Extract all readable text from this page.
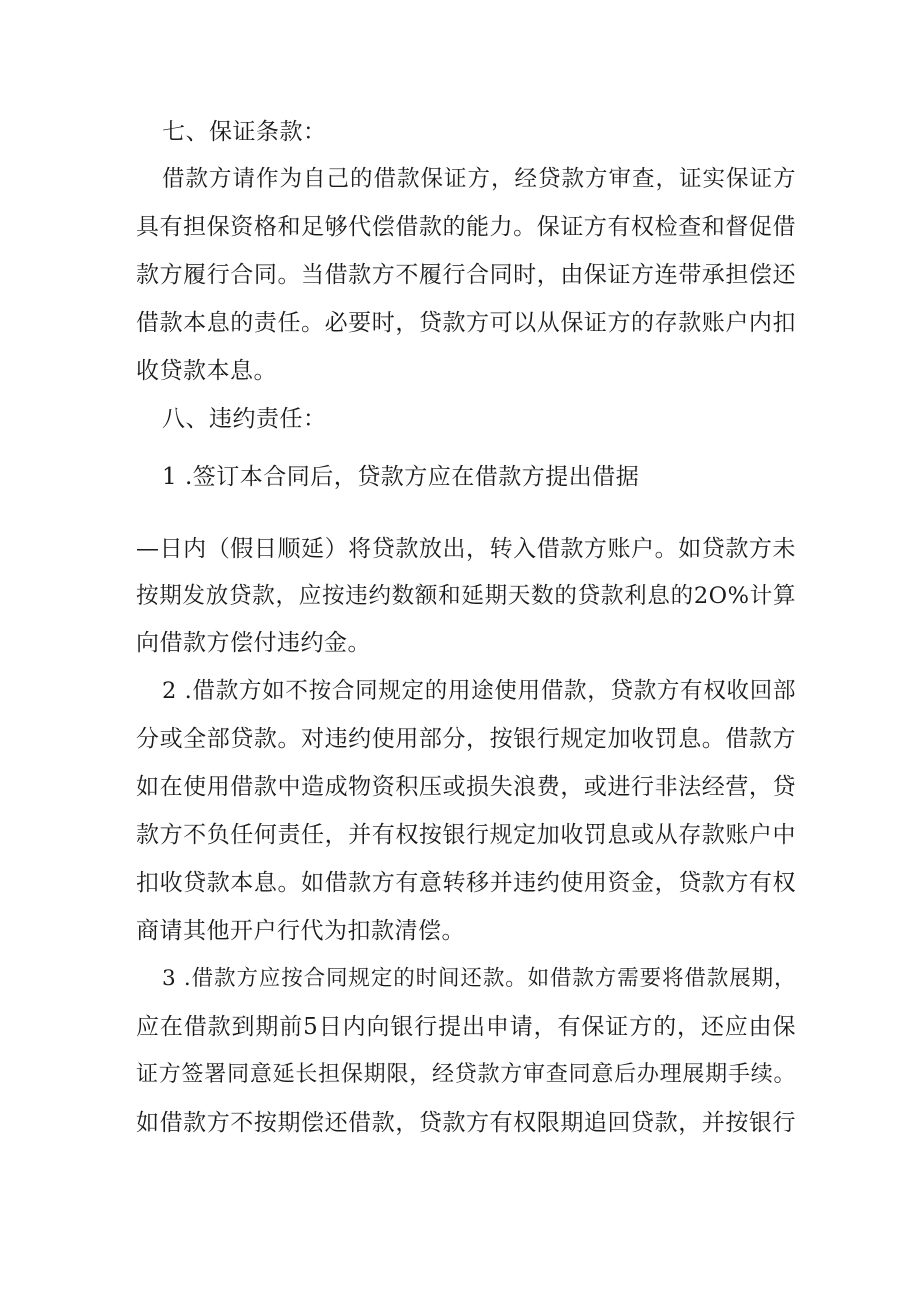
七、保证条款：
借款方请作为自己的借款保证方，经贷款方审查，证实保证方
具有担保资格和足够代偿借款的能力。保证方有权检查和督促借
款方履行合同。当借款方不履行合同时，由保证方连带承担偿还
借款本息的责任。必要时，贷款方可以从保证方的存款账户内扣
收贷款本息。
八、违约责任：
1 .签订本合同后，贷款方应在借款方提出借据
—日内（假日顺延）将贷款放出，转入借款方账户。如贷款方未
按期发放贷款，应按违约数额和延期天数的贷款利息的2O%计算
向借款方偿付违约金。
2 .借款方如不按合同规定的用途使用借款，贷款方有权收回部
分或全部贷款。对违约使用部分，按银行规定加收罚息。借款方
如在使用借款中造成物资积压或损失浪费，或进行非法经营，贷
款方不负任何责任，并有权按银行规定加收罚息或从存款账户中
扣收贷款本息。如借款方有意转移并违约使用资金，贷款方有权
商请其他开户行代为扣款清偿。
3 .借款方应按合同规定的时间还款。如借款方需要将借款展期，
应在借款到期前5日内向银行提出申请，有保证方的，还应由保
证方签署同意延长担保期限，经贷款方审查同意后办理展期手续。
如借款方不按期偿还借款，贷款方有权限期追回贷款，并按银行
